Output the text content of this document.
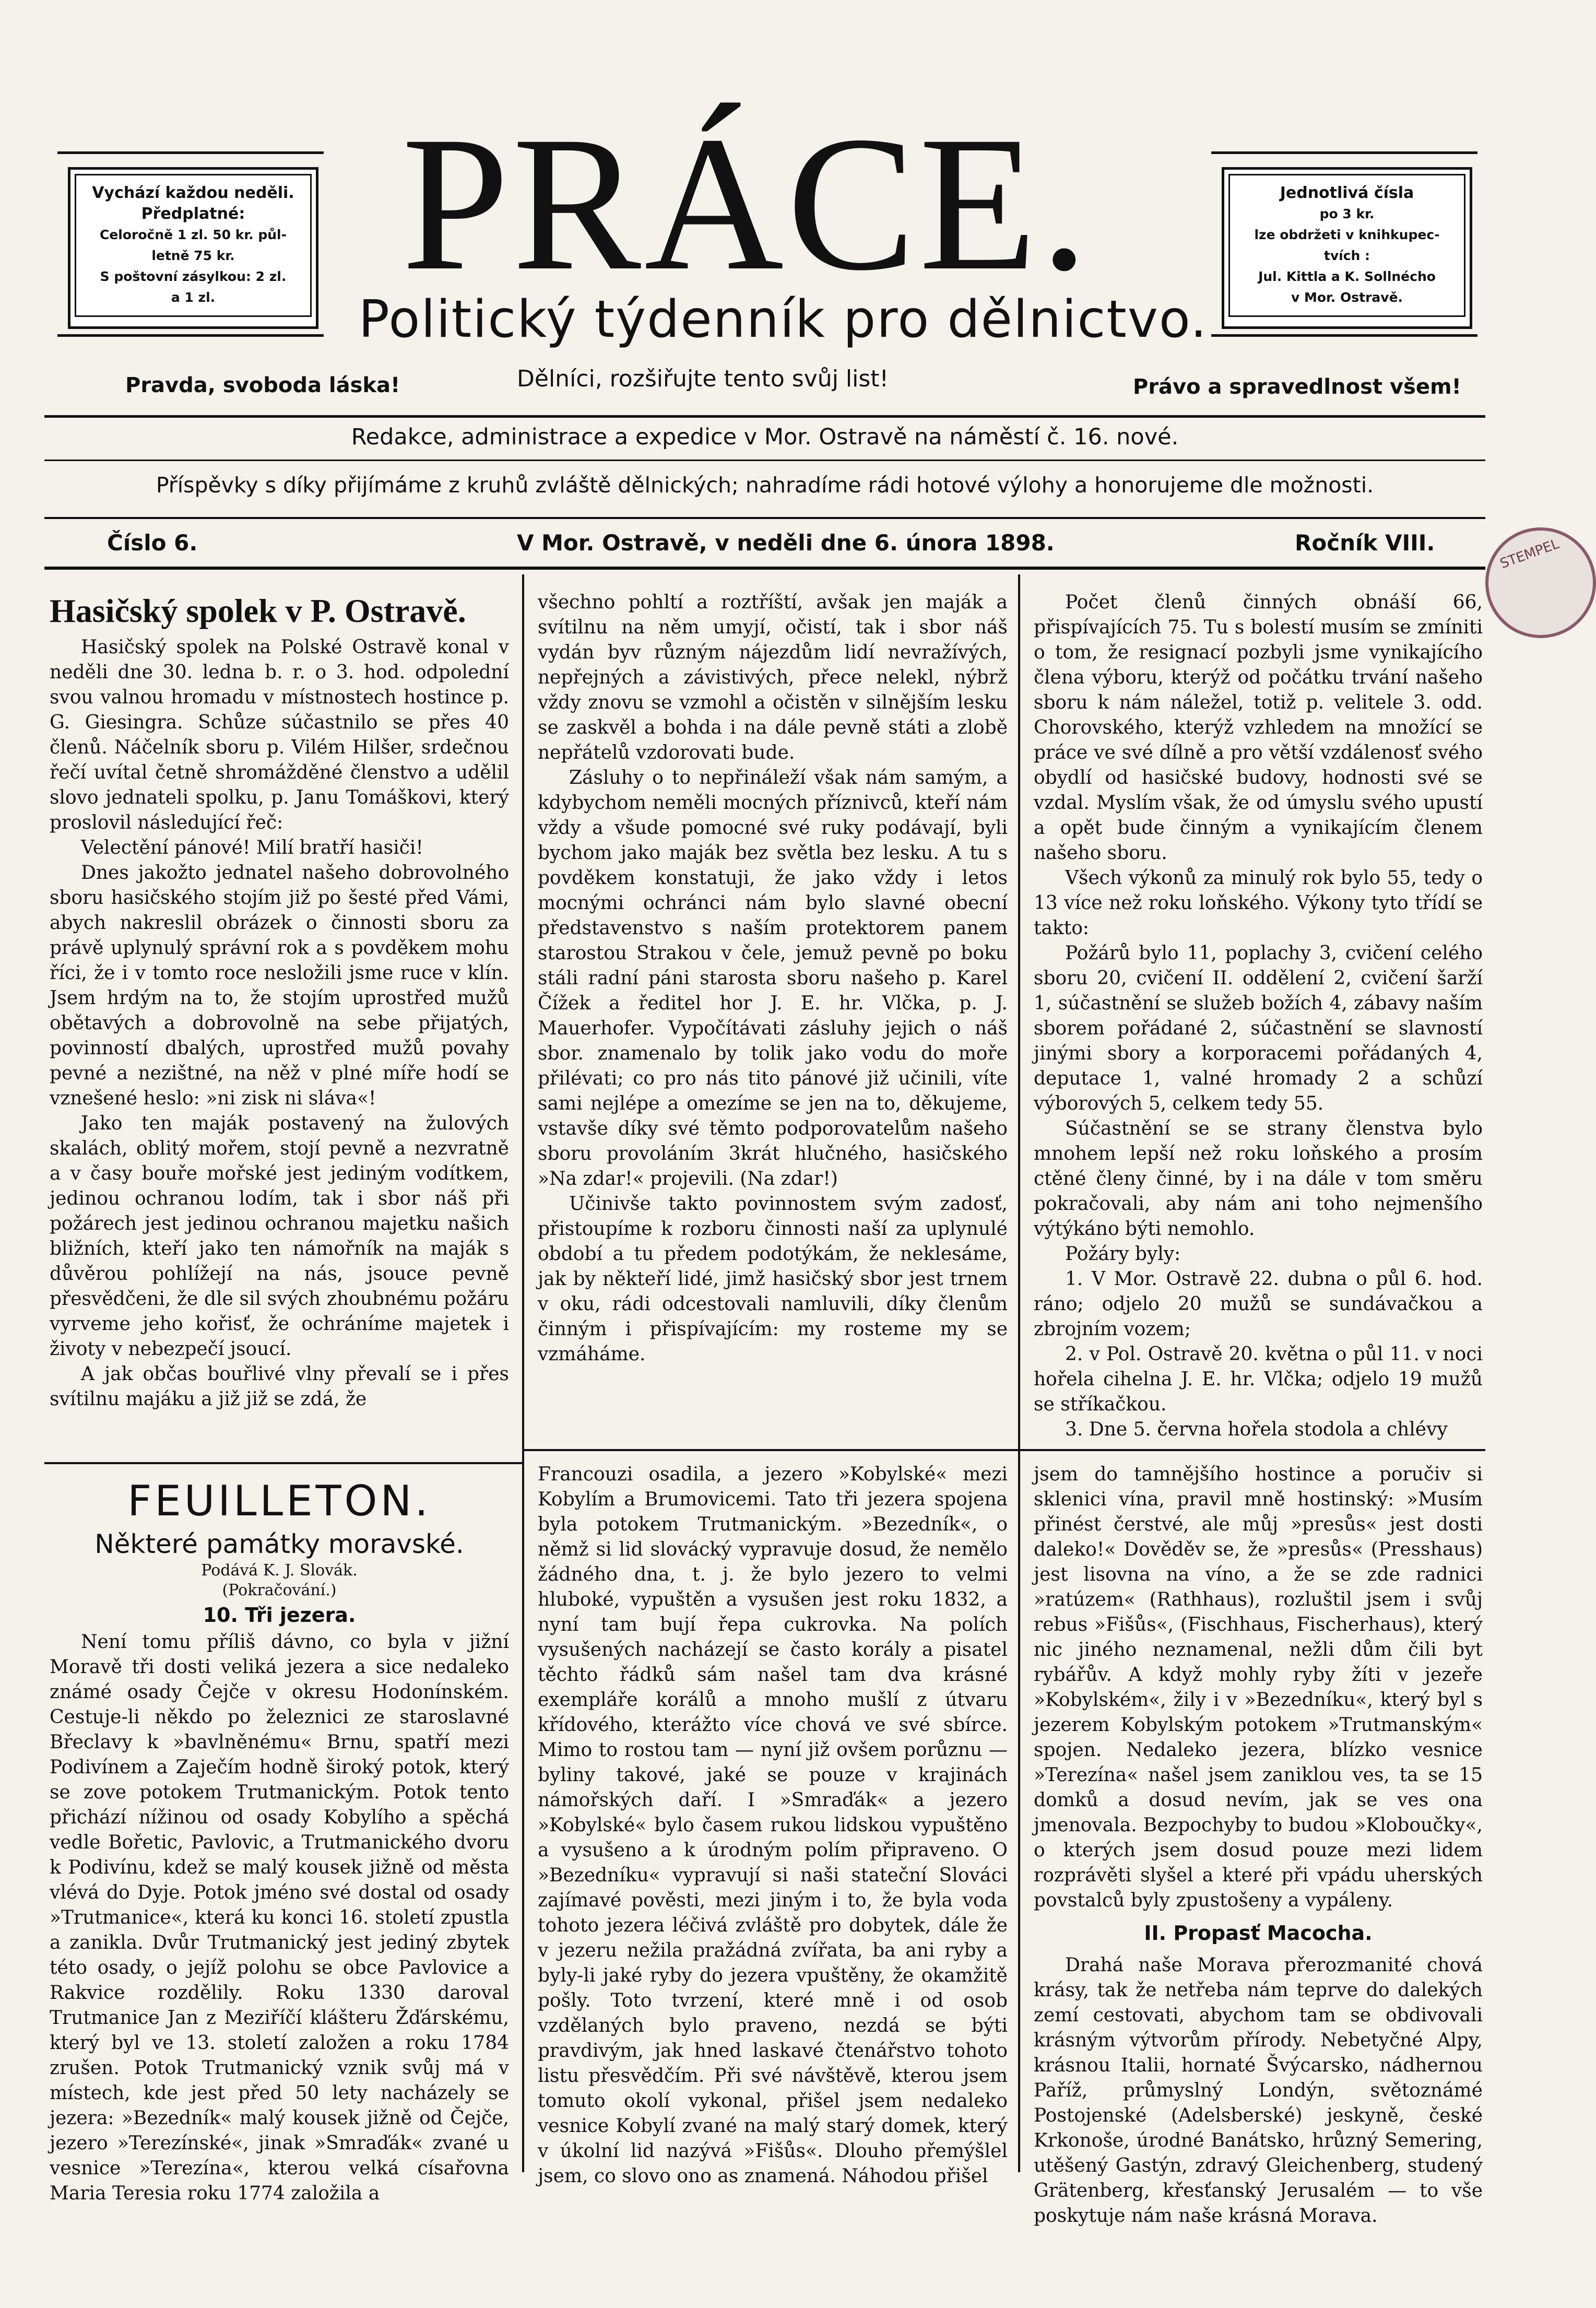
Vychází každou neděli.
Předplatné:
Celoročně 1 zl. 50 kr. půl-
letně 75 kr.
S poštovní zásylkou: 2 zl.
a 1 zl.
Jednotlivá čísla
po 3 kr.
lze obdržeti v knihkupec-
tvích :
Jul. Kittla a K. Sollnécho
v Mor. Ostravě.
STEMPEL
PRÁCE.
Politický týdenník pro dělnictvo.
Pravda, svoboda láska!	Dělníci, rozšiřujte tento svůj list!	Právo a spravedlnost všem!
Redakce, administrace a expedice v Mor. Ostravě na náměstí č. 16. nové.
Příspěvky s díky přijímáme z kruhů zvláště dělnických; nahradíme rádi hotové výlohy a honorujeme dle možnosti.
Číslo 6.	V Mor. Ostravě, v neděli dne 6. února 1898.	Ročník VIII.
Hasičský spolek v P. Ostravě.

Hasičský spolek na Polské Ostravě konal v neděli dne 30. ledna b. r. o 3. hod. odpolední svou valnou hromadu v místnostech hostince p. G. Giesingra. Schůze súčastnilo se přes 40 členů. Náčelník sboru p. Vilém Hilšer, srdečnou řečí uvítal četně shromážděné členstvo a udělil slovo jednateli spolku, p. Janu Tomáškovi, který proslovil následující řeč:

Velectění pánové! Milí bratří hasiči!

Dnes jakožto jednatel našeho dobrovolného sboru hasičského stojím již po šesté před Vámi, abych nakreslil obrázek o činnosti sboru za právě uplynulý správní rok a s povděkem mohu říci, že i v tomto roce nesložili jsme ruce v klín. Jsem hrdým na to, že stojím uprostřed mužů obětavých a dobrovolně na sebe přijatých, povinností dbalých, uprostřed mužů povahy pevné a nezištné, na něž v plné míře hodí se vznešené heslo: »ni zisk ni sláva«!

Jako ten maják postavený na žulových skalách, oblitý mořem, stojí pevně a nezvratně a v časy bouře mořské jest jediným vodítkem, jedinou ochranou lodím, tak i sbor náš při požárech jest jedinou ochranou majetku našich bližních, kteří jako ten námořník na maják s důvěrou pohlížejí na nás, jsouce pevně přesvědčeni, že dle sil svých zhoubnému požáru vyrveme jeho kořisť, že ochráníme majetek i životy v nebezpečí jsoucí.

A jak občas bouřlivé vlny převalí se i přes svítilnu majáku a již již se zdá, že

všechno pohltí a roztříští, avšak jen maják a svítilnu na něm umyjí, očistí, tak i sbor náš vydán byv různým nájezdům lidí nevražívých, nepřejných a závistivých, přece nelekl, nýbrž vždy znovu se vzmohl a očistěn v silnějším lesku se zaskvěl a bohda i na dále pevně státi a zlobě nepřátelů vzdorovati bude.

Zásluhy o to nepřináleží však nám samým, a kdybychom neměli mocných příznivců, kteří nám vždy a všude pomocné své ruky podávají, byli bychom jako maják bez světla bez lesku. A tu s povděkem konstatuji, že jako vždy i letos mocnými ochránci nám bylo slavné obecní představenstvo s naším protektorem panem starostou Strakou v čele, jemuž pevně po boku stáli radní páni starosta sboru našeho p. Karel Čížek a ředitel hor J. E. hr. Vlčka, p. J. Mauerhofer. Vypočítávati zásluhy jejich o náš sbor. znamenalo by tolik jako vodu do moře přilévati; co pro nás tito pánové již učinili, víte sami nejlépe a omezíme se jen na to, děkujeme, vstavše díky své těmto podporovatelům našeho sboru provoláním 3krát hlučného, hasičského »Na zdar!« projevili. (Na zdar!)

Učinivše takto povinnostem svým zadosť, přistoupíme k rozboru činnosti naší za uplynulé období a tu předem podotýkám, že neklesáme, jak by někteří lidé, jimž hasičský sbor jest trnem v oku, rádi odcestovali namluvili, díky členům činným i přispívajícím: my rosteme my se vzmáháme.

Počet členů činných obnáší 66, přispívajících 75. Tu s bolestí musím se zmíniti o tom, že resignací pozbyli jsme vynikajícího člena výboru, kterýž od počátku trvání našeho sboru k nám náležel, totiž p. velitele 3. odd. Chorovského, kterýž vzhledem na množící se práce ve své dílně a pro větší vzdálenosť svého obydlí od hasičské budovy, hodnosti své se vzdal. Myslím však, že od úmyslu svého upustí a opět bude činným a vynikajícím členem našeho sboru.

Všech výkonů za minulý rok bylo 55, tedy o 13 více než roku loňského. Výkony tyto třídí se takto:

Požárů bylo 11, poplachy 3, cvičení celého sboru 20, cvičení II. oddělení 2, cvičení šarží 1, súčastnění se služeb božích 4, zábavy naším sborem pořádané 2, súčastnění se slavností jinými sbory a korporacemi pořádaných 4, deputace 1, valné hromady 2 a schůzí výborových 5, celkem tedy 55.

Súčastnění se se strany členstva bylo mnohem lepší než roku loňského a prosím ctěné členy činné, by i na dále v tom směru pokračovali, aby nám ani toho nejmenšího výtýkáno býti nemohlo.

Požáry byly:

1. V Mor. Ostravě 22. dubna o půl 6. hod. ráno; odjelo 20 mužů se sundávačkou a zbrojním vozem;

2. v Pol. Ostravě 20. května o půl 11. v noci hořela cihelna J. E. hr. Vlčka; odjelo 19 mužů se stříkačkou.

3. Dne 5. června hořela stodola a chlévy

FEUILLETON.
Některé památky moravské.
Podává K. J. Slovák.
(Pokračování.)
10. Tři jezera.

Není tomu příliš dávno, co byla v jižní Moravě tři dosti veliká jezera a sice nedaleko známé osady Čejče v okresu Hodonínském. Cestuje-li někdo po železnici ze staroslavné Břeclavy k »bavlněnému« Brnu, spatří mezi Podivínem a Zaječím hodně široký potok, který se zove potokem Trutmanickým. Potok tento přichází nížinou od osady Kobylího a spěchá vedle Bořetic, Pavlovic, a Trutmanického dvoru k Podivínu, kdež se malý kousek jižně od města vlévá do Dyje. Potok jméno své dostal od osady »Trutmanice«, která ku konci 16. století zpustla a zanikla. Dvůr Trutmanický jest jediný zbytek této osady, o jejíž polohu se obce Pavlovice a Rakvice rozdělily. Roku 1330 daroval Trutmanice Jan z Meziříčí klášteru Žďárskému, který byl ve 13. století založen a roku 1784 zrušen. Potok Trutmanický vznik svůj má v místech, kde jest před 50 lety nacházely se jezera: »Bezedník« malý kousek jižně od Čejče, jezero »Terezínské«, jinak »Smraďák« zvané u vesnice »Terezína«, kterou velká císařovna Maria Teresia roku 1774 založila a

Francouzi osadila, a jezero »Kobylské« mezi Kobylím a Brumovicemi. Tato tři jezera spojena byla potokem Trutmanickým. »Bezedník«, o němž si lid slovácký vypravuje dosud, že nemělo žádného dna, t. j. že bylo jezero to velmi hluboké, vypuštěn a vysušen jest roku 1832, a nyní tam bují řepa cukrovka. Na polích vysušených nacházejí se často korály a pisatel těchto řádků sám našel tam dva krásné exempláře korálů a mnoho mušlí z útvaru křídového, kterážto více chová ve své sbírce. Mimo to rostou tam — nyní již ovšem porůznu — byliny takové, jaké se pouze v krajinách námořských daří. I »Smraďák« a jezero »Kobylské« bylo časem rukou lidskou vypuštěno a vysušeno a k úrodným polím připraveno. O »Bezedníku« vypravují si naši stateční Slováci zajímavé pověsti, mezi jiným i to, že byla voda tohoto jezera léčivá zvláště pro dobytek, dále že v jezeru nežila pražádná zvířata, ba ani ryby a byly-li jaké ryby do jezera vpuštěny, že okamžitě pošly. Toto tvrzení, které mně i od osob vzdělaných bylo praveno, nezdá se býti pravdivým, jak hned laskavé čtenářstvo tohoto listu přesvědčím. Při své návštěvě, kterou jsem tomuto okolí vykonal, přišel jsem nedaleko vesnice Kobylí zvané na malý starý domek, který v úkolní lid nazývá »Fišůs«. Dlouho přemýšlel jsem, co slovo ono as znamená. Náhodou přišel

jsem do tamnějšího hostince a poručiv si sklenici vína, pravil mně hostinský: »Musím přinést čerstvé, ale můj »presůs« jest dosti daleko!« Dověděv se, že »presůs« (Presshaus) jest lisovna na víno, a že se zde radnici »ratúzem« (Rathhaus), rozluštil jsem i svůj rebus »Fišůs«, (Fischhaus, Fischerhaus), který nic jiného neznamenal, nežli dům čili byt rybářův. A když mohly ryby žíti v jezeře »Kobylském«, žily i v »Bezedníku«, který byl s jezerem Kobylským potokem »Trutmanským« spojen. Nedaleko jezera, blízko vesnice »Terezína« našel jsem zaniklou ves, ta se 15 domků a dosud nevím, jak se ves ona jmenovala. Bezpochyby to budou »Kloboučky«, o kterých jsem dosud pouze mezi lidem rozprávěti slyšel a které při vpádu uherských povstalců byly zpustošeny a vypáleny.

II. Propasť Macocha.

Drahá naše Morava přerozmanité chová krásy, tak že netřeba nám teprve do dalekých zemí cestovati, abychom tam se obdivovali krásným výtvorům přírody. Nebetyčné Alpy, krásnou Italii, hornaté Švýcarsko, nádhernou Paříž, průmyslný Londýn, světoznámé Postojenské (Adelsberské) jeskyně, české Krkonoše, úrodné Banátsko, hrůzný Semering, utěšený Gastýn, zdravý Gleichenberg, studený Grätenberg, křesťanský Jerusalém — to vše poskytuje nám naše krásná Morava.
